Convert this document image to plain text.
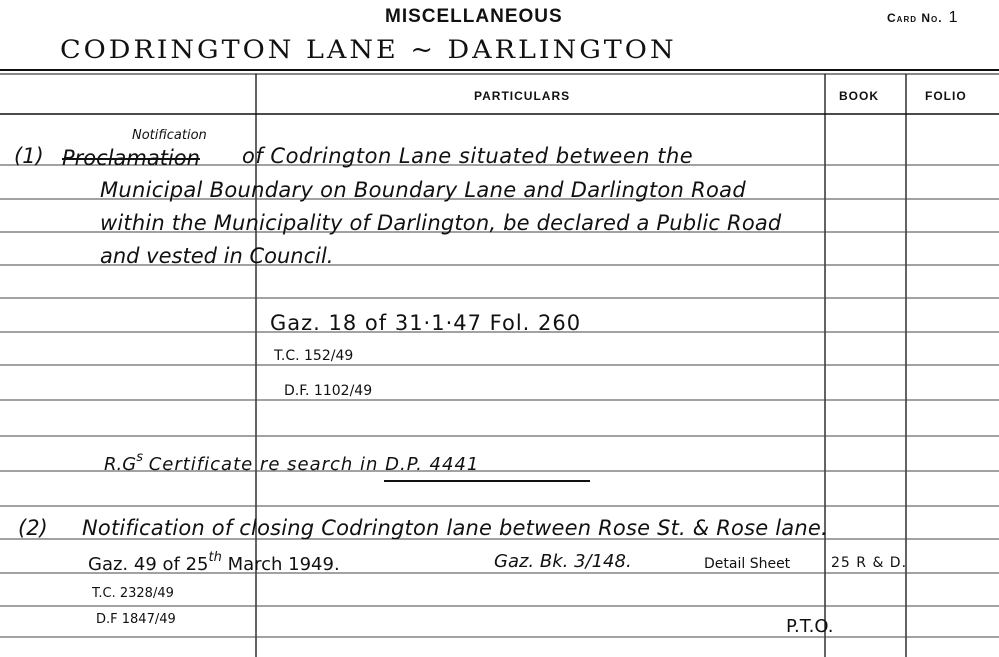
MISCELLANEOUS	Card No. 1
CODRINGTON LANE ~ DARLINGTON
PARTICULARS	BOOK	FOLIO
(1)
Notification
Proclamation of Codrington Lane situated between the
Municipal Boundary on Boundary Lane and Darlington Road
within the Municipality of Darlington, be declared a Public Road
and vested in Council.
Gaz. 18 of 31·1·47 Fol. 260
T.C. 152/49
D.F. 1102/49
$R.G^s$ Certificate re search in D.P. 4441
(2) Notification of closing Codrington lane between Rose St. & Rose lane.
Gaz. 49 of 25th March 1949.	Gaz. Bk. 3/148.	Detail Sheet	25 R & D.
T.C. 2328/49
D.F 1847/49	P.T.O.
